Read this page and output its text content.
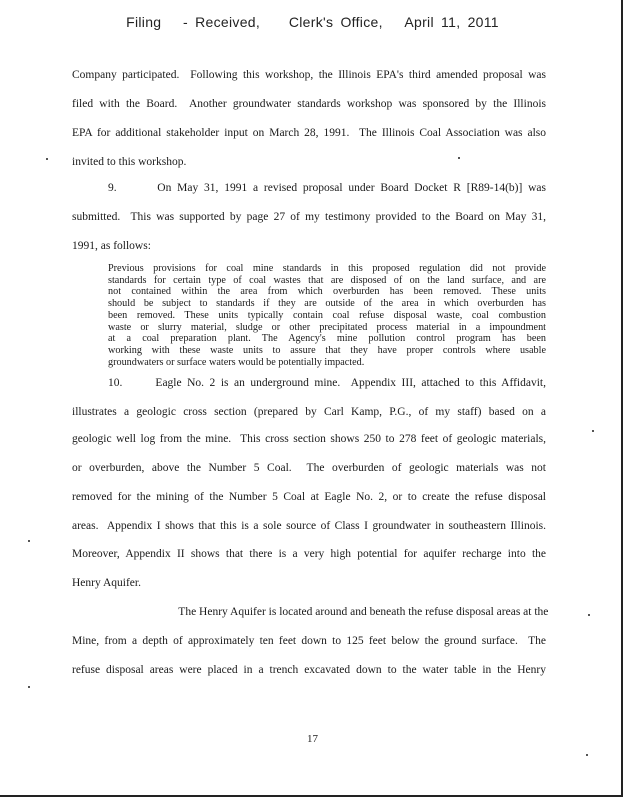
Filing - Received, Clerk's Office, April 11, 2011
Company participated.  Following this workshop, the Illinois EPA's third amended proposal was
filed with the Board.  Another groundwater standards workshop was sponsored by the Illinois
EPA for additional stakeholder input on March 28, 1991.  The Illinois Coal Association was also
invited to this workshop.
9.       On May 31, 1991 a revised proposal under Board Docket R [R89-14(b)] was
submitted.  This was supported by page 27 of my testimony provided to the Board on May 31,
1991, as follows:
Previous provisions for coal mine standards in this proposed regulation did not provide
standards for certain type of coal wastes that are disposed of on the land surface, and are
not contained within the area from which overburden has been removed. These units
should be subject to standards if they are outside of the area in which overburden has
been removed. These units typically contain coal refuse disposal waste, coal combustion
waste or slurry material, sludge or other precipitated process material in a impoundment
at a coal preparation plant. The Agency's mine pollution control program has been
working with these waste units to assure that they have proper controls where usable
groundwaters or surface waters would be potentially impacted.
10.      Eagle No. 2 is an underground mine.  Appendix III, attached to this Affidavit,
illustrates a geologic cross section (prepared by Carl Kamp, P.G., of my staff) based on a
geologic well log from the mine.  This cross section shows 250 to 278 feet of geologic materials,
or overburden, above the Number 5 Coal.  The overburden of geologic materials was not
removed for the mining of the Number 5 Coal at Eagle No. 2, or to create the refuse disposal
areas.  Appendix I shows that this is a sole source of Class I groundwater in southeastern Illinois.
Moreover, Appendix II shows that there is a very high potential for aquifer recharge into the
Henry Aquifer.
The Henry Aquifer is located around and beneath the refuse disposal areas at the
Mine, from a depth of approximately ten feet down to 125 feet below the ground surface.  The
refuse disposal areas were placed in a trench excavated down to the water table in the Henry
17
